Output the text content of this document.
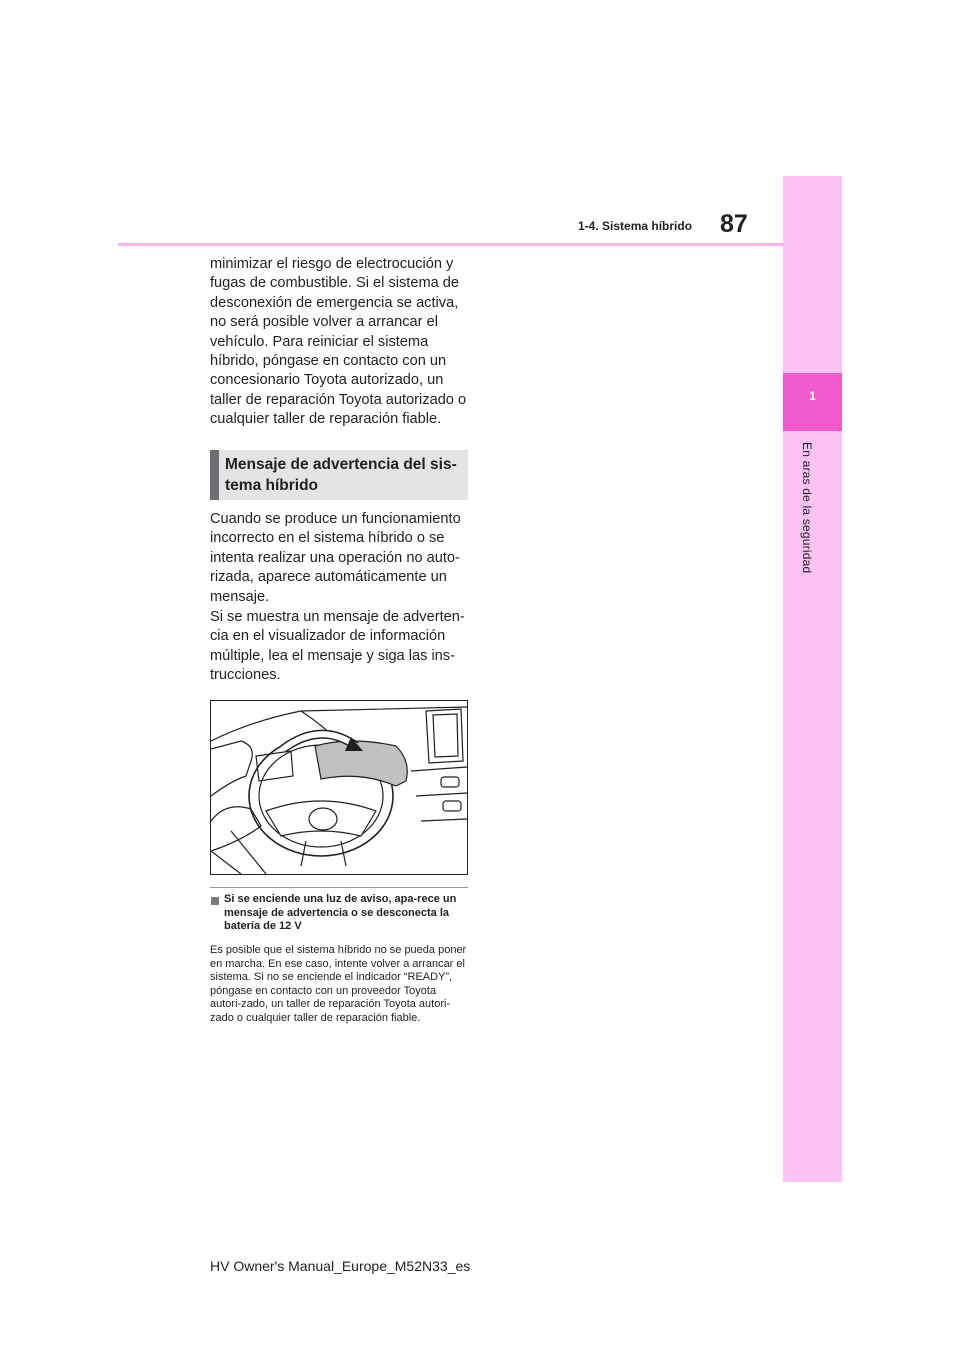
1
En aras de la seguridad
87
1-4. Sistema híbrido

minimizar el riesgo de electrocución y fugas de combustible. Si el sistema de desconexión de emergencia se activa, no será posible volver a arrancar el vehículo. Para reiniciar el sistema híbrido, póngase en contacto con un concesionario Toyota autorizado, un taller de reparación Toyota autorizado o cualquier taller de reparación fiable.

Mensaje de advertencia del sis-tema híbrido

Cuando se produce un funcionamiento incorrecto en el sistema híbrido o se intenta realizar una operación no auto-rizada, aparece automáticamente un mensaje.

Si se muestra un mensaje de adverten-cia en el visualizador de información múltiple, lea el mensaje y siga las ins-trucciones.

Si se enciende una luz de aviso, apa-rece un mensaje de advertencia o se desconecta la batería de 12 V

Es posible que el sistema híbrido no se pueda poner en marcha. En ese caso, intente volver a arrancar el sistema. Si no se enciende el indicador “READY”, póngase en contacto con un proveedor Toyota autori-zado, un taller de reparación Toyota autori-zado o cualquier taller de reparación fiable.

HV Owner's Manual_Europe_M52N33_es
